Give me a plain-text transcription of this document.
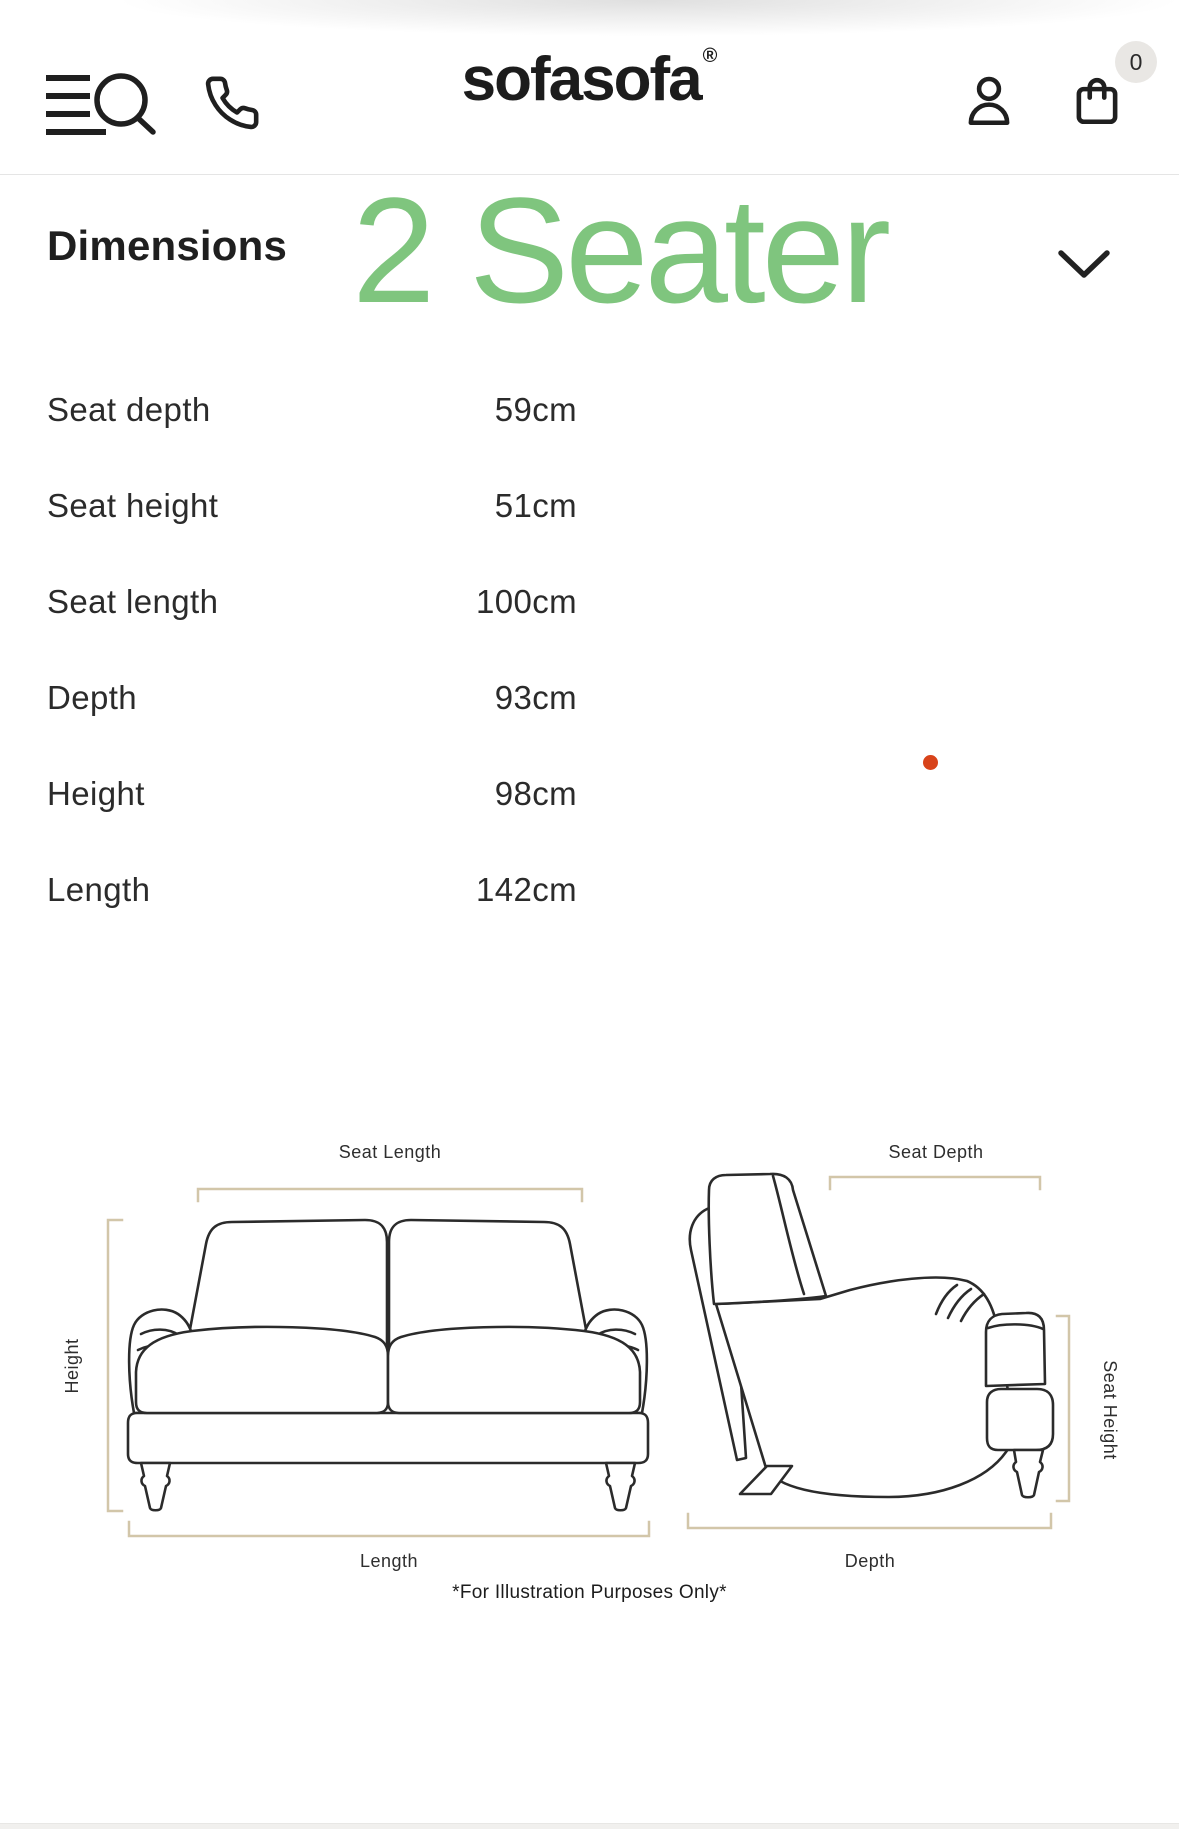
sofasofa ®	0
Dimensions 2 Seater
Seat depth	59cm
Seat height	51cm
Seat length	100cm
Depth	93cm
Height	98cm
Length	142cm
Seat Length
Height
Length
Seat Depth
Seat Height
Depth
*For Illustration Purposes Only*
